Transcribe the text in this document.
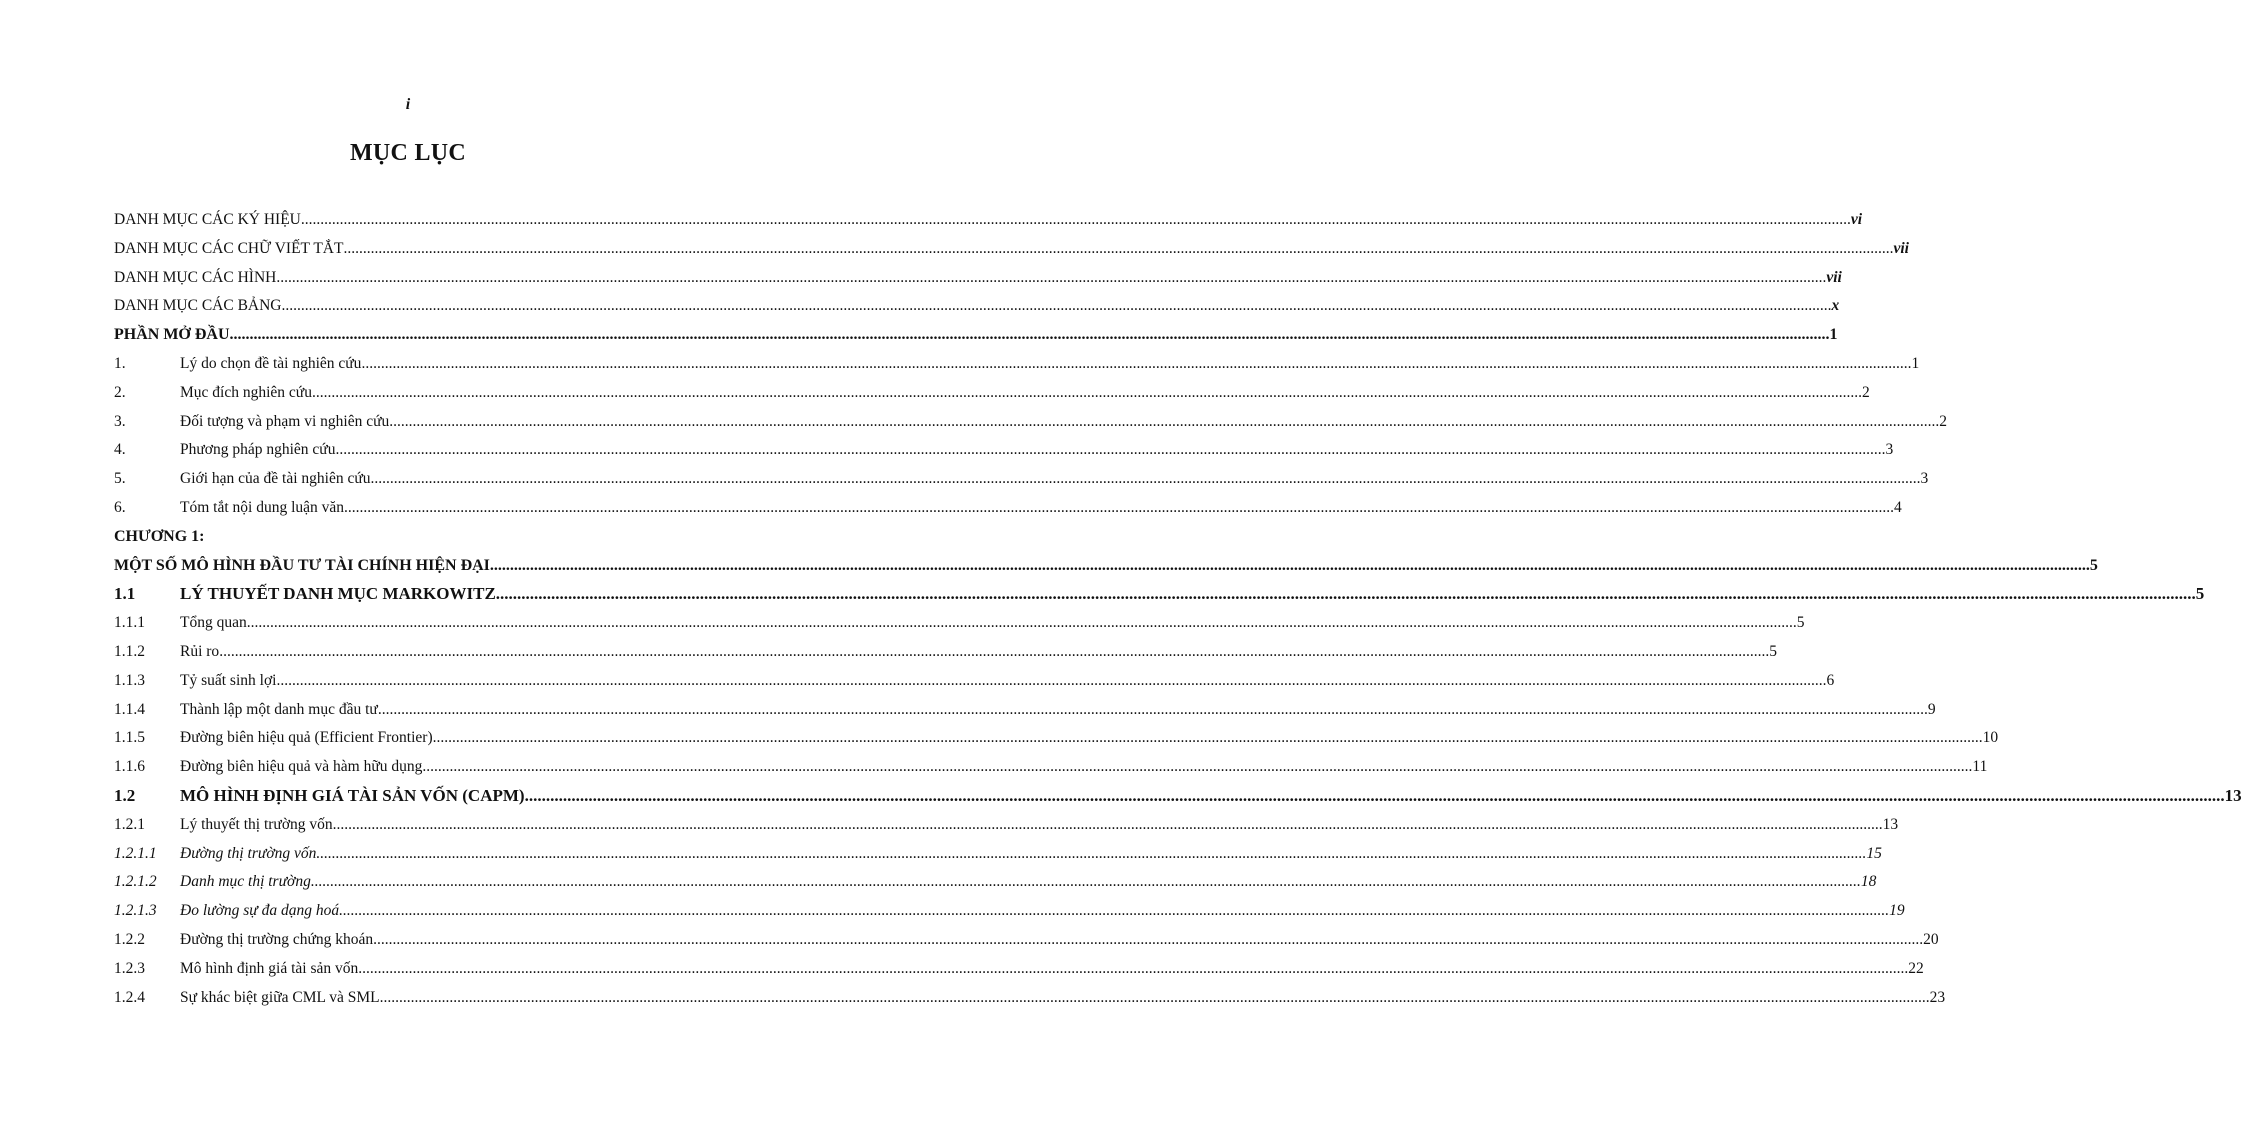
i
MỤC LỤC
DANH MỤC CÁC KÝ HIỆU ................................................................................................................................................................................................................................................................................................................................................................................................................ vi
DANH MỤC CÁC CHỮ VIẾT TẮT ................................................................................................................................................................................................................................................................................................................................................................................................................ vii
DANH MỤC CÁC HÌNH ................................................................................................................................................................................................................................................................................................................................................................................................................ vii
DANH MỤC CÁC BẢNG ................................................................................................................................................................................................................................................................................................................................................................................................................ x
PHẦN MỞ ĐẦU ................................................................................................................................................................................................................................................................................................................................................................................................................ 1
1.	Lý do chọn đề tài nghiên cứu ................................................................................................................................................................................................................................................................................................................................................................................................................ 1
2.	Mục đích nghiên cứu ................................................................................................................................................................................................................................................................................................................................................................................................................ 2
3.	Đối tượng và phạm vi nghiên cứu ................................................................................................................................................................................................................................................................................................................................................................................................................ 2
4.	Phương pháp nghiên cứu ................................................................................................................................................................................................................................................................................................................................................................................................................ 3
5.	Giới hạn của đề tài nghiên cứu ................................................................................................................................................................................................................................................................................................................................................................................................................ 3
6.	Tóm tắt nội dung luận văn ................................................................................................................................................................................................................................................................................................................................................................................................................ 4
CHƯƠNG 1:
MỘT SỐ MÔ HÌNH ĐẦU TƯ TÀI CHÍNH HIỆN ĐẠI ................................................................................................................................................................................................................................................................................................................................................................................................................ 5
1.1	LÝ THUYẾT DANH MỤC MARKOWITZ ................................................................................................................................................................................................................................................................................................................................................................................................................ 5
1.1.1	Tổng quan ................................................................................................................................................................................................................................................................................................................................................................................................................ 5
1.1.2	Rủi ro ................................................................................................................................................................................................................................................................................................................................................................................................................ 5
1.1.3	Tỷ suất sinh lợi ................................................................................................................................................................................................................................................................................................................................................................................................................ 6
1.1.4	Thành lập một danh mục đầu tư ................................................................................................................................................................................................................................................................................................................................................................................................................ 9
1.1.5	Đường biên hiệu quả (Efficient Frontier) ................................................................................................................................................................................................................................................................................................................................................................................................................ 10
1.1.6	Đường biên hiệu quả và hàm hữu dụng ................................................................................................................................................................................................................................................................................................................................................................................................................ 11
1.2	MÔ HÌNH ĐỊNH GIÁ TÀI SẢN VỐN (CAPM) ................................................................................................................................................................................................................................................................................................................................................................................................................ 13
1.2.1	Lý thuyết thị trường vốn ................................................................................................................................................................................................................................................................................................................................................................................................................ 13
1.2.1.1	Đường thị trường vốn ................................................................................................................................................................................................................................................................................................................................................................................................................ 15
1.2.1.2	Danh mục thị trường ................................................................................................................................................................................................................................................................................................................................................................................................................ 18
1.2.1.3	Đo lường sự đa dạng hoá ................................................................................................................................................................................................................................................................................................................................................................................................................ 19
1.2.2	Đường thị trường chứng khoán ................................................................................................................................................................................................................................................................................................................................................................................................................ 20
1.2.3	Mô hình định giá tài sản vốn ................................................................................................................................................................................................................................................................................................................................................................................................................ 22
1.2.4	Sự khác biệt giữa CML và SML ................................................................................................................................................................................................................................................................................................................................................................................................................ 23
